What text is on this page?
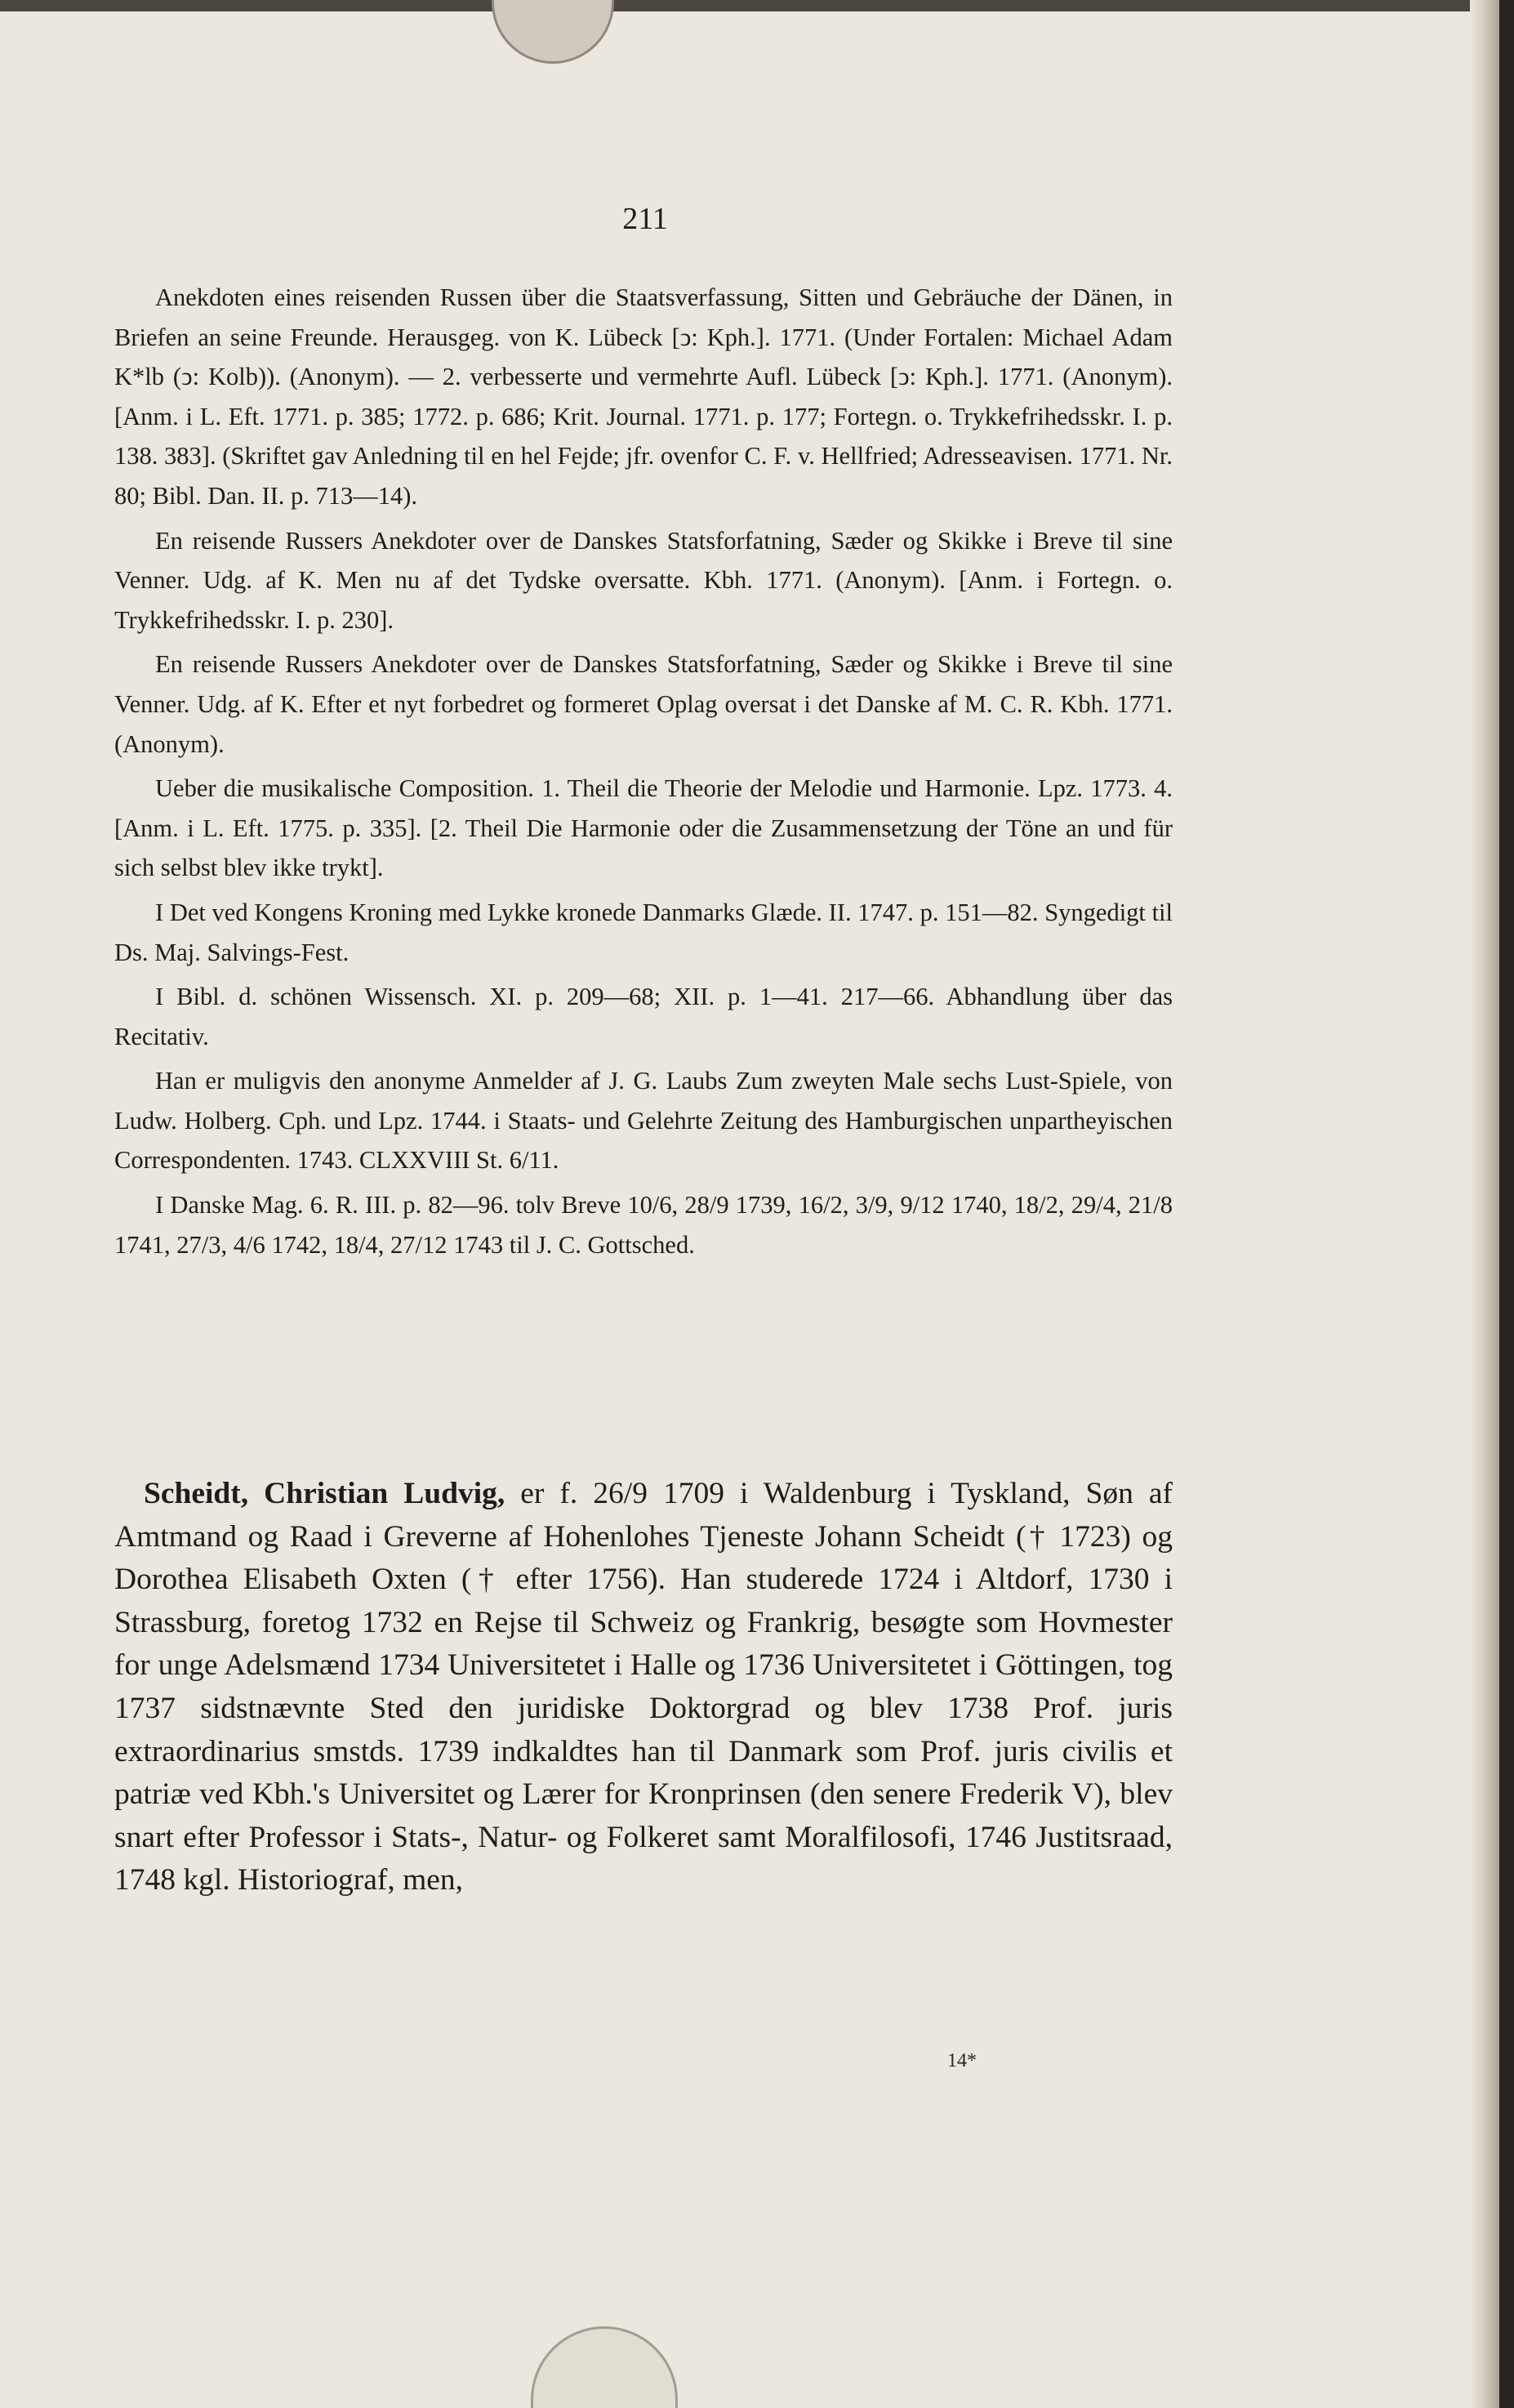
211

Anekdoten eines reisenden Russen über die Staatsverfassung, Sitten und Gebräuche der Dänen, in Briefen an seine Freunde. Herausgeg. von K. Lübeck [ↄ: Kph.]. 1771. (Under Fortalen: Michael Adam K*lb (ↄ: Kolb)). (Anonym). — 2. verbesserte und vermehrte Aufl. Lübeck [ↄ: Kph.]. 1771. (Anonym). [Anm. i L. Eft. 1771. p. 385; 1772. p. 686; Krit. Journal. 1771. p. 177; Fortegn. o. Trykkefrihedsskr. I. p. 138. 383]. (Skriftet gav Anledning til en hel Fejde; jfr. ovenfor C. F. v. Hellfried; Adresseavisen. 1771. Nr. 80; Bibl. Dan. II. p. 713—14).

En reisende Russers Anekdoter over de Danskes Statsforfatning, Sæder og Skikke i Breve til sine Venner. Udg. af K. Men nu af det Tydske oversatte. Kbh. 1771. (Anonym). [Anm. i Fortegn. o. Trykkefrihedsskr. I. p. 230].

En reisende Russers Anekdoter over de Danskes Statsforfatning, Sæder og Skikke i Breve til sine Venner. Udg. af K. Efter et nyt forbedret og formeret Oplag oversat i det Danske af M. C. R. Kbh. 1771. (Anonym).

Ueber die musikalische Composition. 1. Theil die Theorie der Melodie und Harmonie. Lpz. 1773. 4. [Anm. i L. Eft. 1775. p. 335]. [2. Theil Die Harmonie oder die Zusammensetzung der Töne an und für sich selbst blev ikke trykt].

I Det ved Kongens Kroning med Lykke kronede Danmarks Glæde. II. 1747. p. 151—82. Syngedigt til Ds. Maj. Salvings-Fest.

I Bibl. d. schönen Wissensch. XI. p. 209—68; XII. p. 1—41. 217—66. Abhandlung über das Recitativ.

Han er muligvis den anonyme Anmelder af J. G. Laubs Zum zweyten Male sechs Lust-Spiele, von Ludw. Holberg. Cph. und Lpz. 1744. i Staats- und Gelehrte Zeitung des Hamburgischen unpartheyischen Correspondenten. 1743. CLXXVIII St. 6/11.

I Danske Mag. 6. R. III. p. 82—96. tolv Breve 10/6, 28/9 1739, 16/2, 3/9, 9/12 1740, 18/2, 29/4, 21/8 1741, 27/3, 4/6 1742, 18/4, 27/12 1743 til J. C. Gottsched.

Scheidt, Christian Ludvig, er f. 26/9 1709 i Waldenburg i Tyskland, Søn af Amtmand og Raad i Greverne af Hohenlohes Tjeneste Johann Scheidt († 1723) og Dorothea Elisabeth Oxten († efter 1756). Han studerede 1724 i Altdorf, 1730 i Strassburg, foretog 1732 en Rejse til Schweiz og Frankrig, besøgte som Hovmester for unge Adelsmænd 1734 Universitetet i Halle og 1736 Universitetet i Göttingen, tog 1737 sidstnævnte Sted den juridiske Doktorgrad og blev 1738 Prof. juris extraordinarius smstds. 1739 indkaldtes han til Danmark som Prof. juris civilis et patriæ ved Kbh.'s Universitet og Lærer for Kronprinsen (den senere Frederik V), blev snart efter Professor i Stats-, Natur- og Folkeret samt Moralfilosofi, 1746 Justitsraad, 1748 kgl. Historiograf, men,

14*
